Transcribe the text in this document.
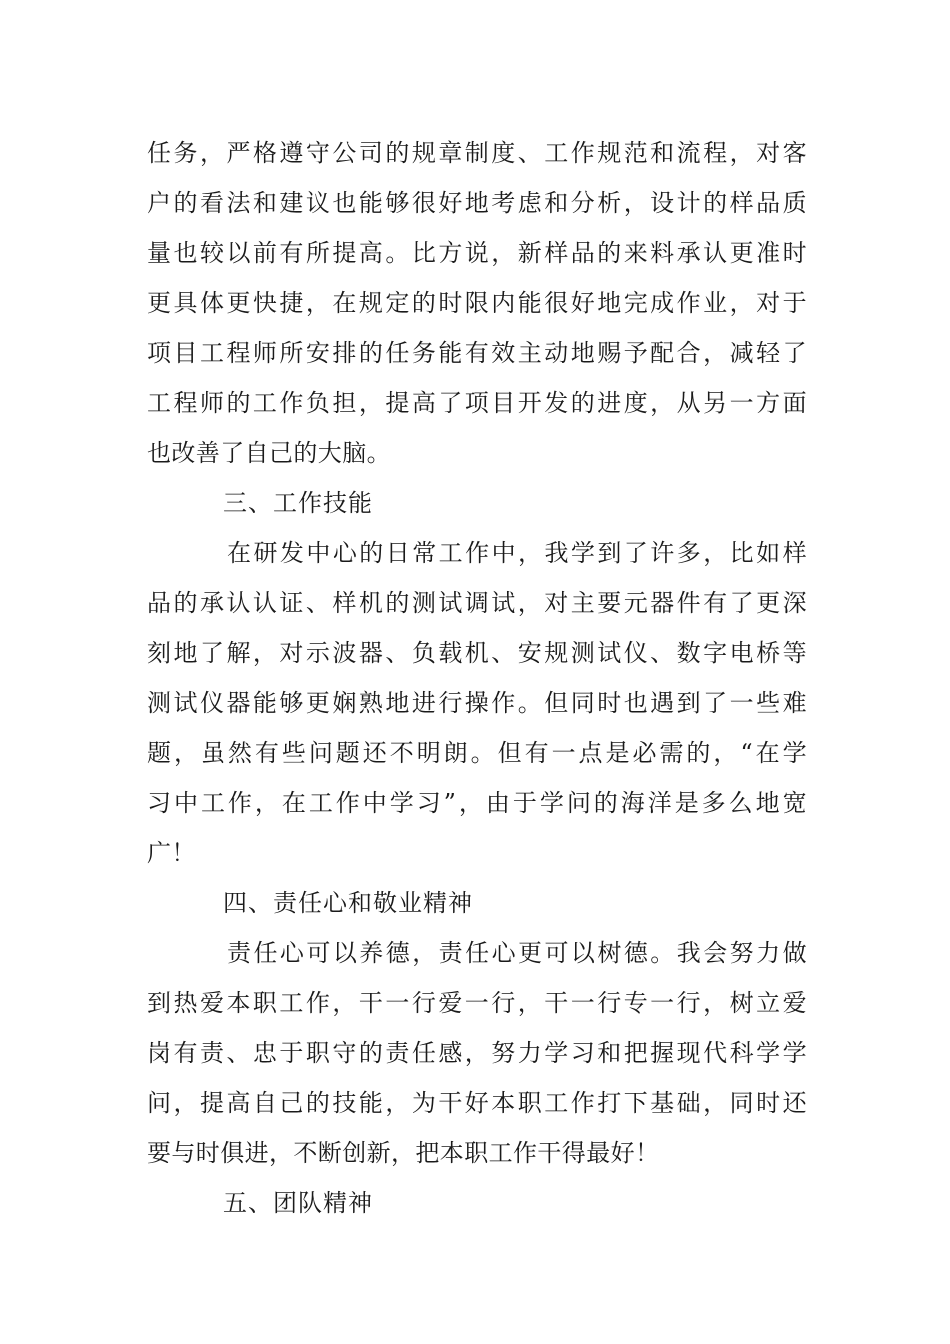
任务，严格遵守公司的规章制度、工作规范和流程，对客
户的看法和建议也能够很好地考虑和分析，设计的样品质
量也较以前有所提高。比方说，新样品的来料承认更准时
更具体更快捷，在规定的时限内能很好地完成作业，对于
项目工程师所安排的任务能有效主动地赐予配合，减轻了
工程师的工作负担，提高了项目开发的进度，从另一方面
也改善了自己的大脑。
三、工作技能
在研发中心的日常工作中，我学到了许多，比如样
品的承认认证、样机的测试调试，对主要元器件有了更深
刻地了解，对示波器、负载机、安规测试仪、数字电桥等
测试仪器能够更娴熟地进行操作。但同时也遇到了一些难
题，虽然有些问题还不明朗。但有一点是必需的，“在学
习中工作，在工作中学习”，由于学问的海洋是多么地宽
广！
四、责任心和敬业精神
责任心可以养德，责任心更可以树德。我会努力做
到热爱本职工作，干一行爱一行，干一行专一行，树立爱
岗有责、忠于职守的责任感，努力学习和把握现代科学学
问，提高自己的技能，为干好本职工作打下基础，同时还
要与时俱进，不断创新，把本职工作干得最好！
五、团队精神
